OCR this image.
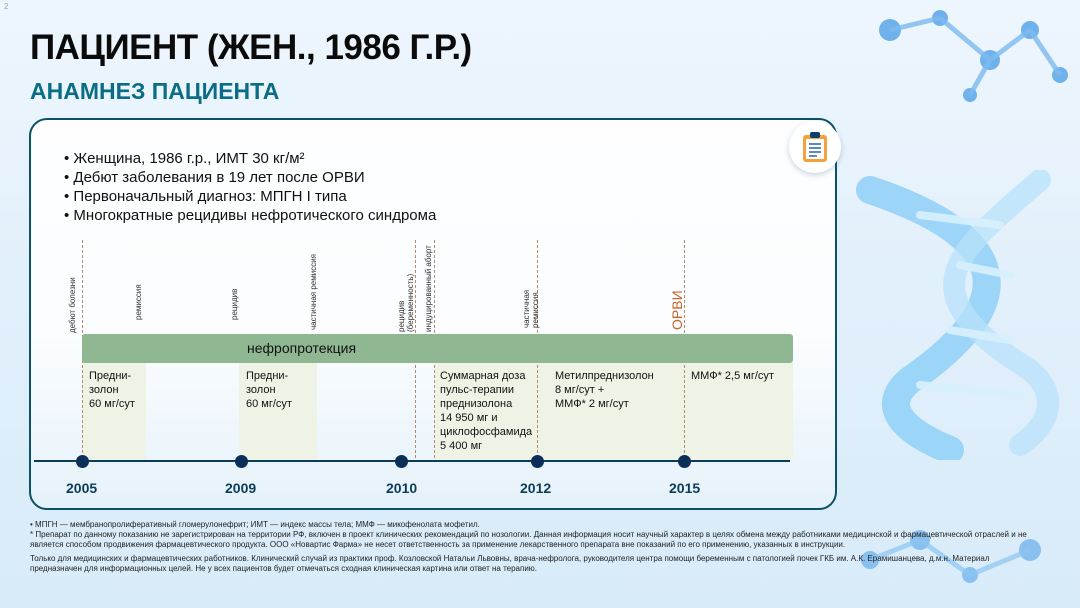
2
ПАЦИЕНТ (ЖЕН., 1986 Г.Р.)
АНАМНЕЗ ПАЦИЕНТА
• Женщина, 1986 г.р., ИМТ 30 кг/м²
• Дебют заболевания в 19 лет после ОРВИ
• Первоначальный диагноз: МПГН I типа
• Многократные рецидивы нефротического синдрома
дебют болезни	ремиссия	рецидив	частичная ремиссия	рецидив (беременность) индуцированный аборт	частичная ремиссия	ОРВИ
нефропротекция
Предни-
золон
60 мг/сут
Предни-
золон
60 мг/сут
Суммарная доза
пульс-терапии
преднизолона
14 950 мг и
циклофосфамида
5 400 мг
Метилпреднизолон
8 мг/сут +
ММФ* 2 мг/сут
ММФ* 2,5 мг/сут
2005	2009	2010	2012	2015

• МПГН — мембранопролиферативный гломерулонефрит; ИМТ — индекс массы тела; ММФ — микофенолата мофетил.

* Препарат по данному показанию не зарегистрирован на территории РФ, включен в проект клинических рекомендаций по нозологии. Данная информация носит научный характер в целях обмена между работниками медицинской и фармацевтической отраслей и не является способом продвижения фармацевтического продукта. ООО «Новартис Фарма» не несет ответственность за применение лекарственного препарата вне показаний по его применению, указанных в инструкции.

Только для медицинских и фармацевтических работников. Клинический случай из практики проф. Козловской Натальи Львовны, врача-нефролога, руководителя центра помощи беременным с патологией почек ГКБ им. А.К. Ерамишанцева, д.м.н. Материал предназначен для информационных целей. Не у всех пациентов будет отмечаться сходная клиническая картина или ответ на терапию.
